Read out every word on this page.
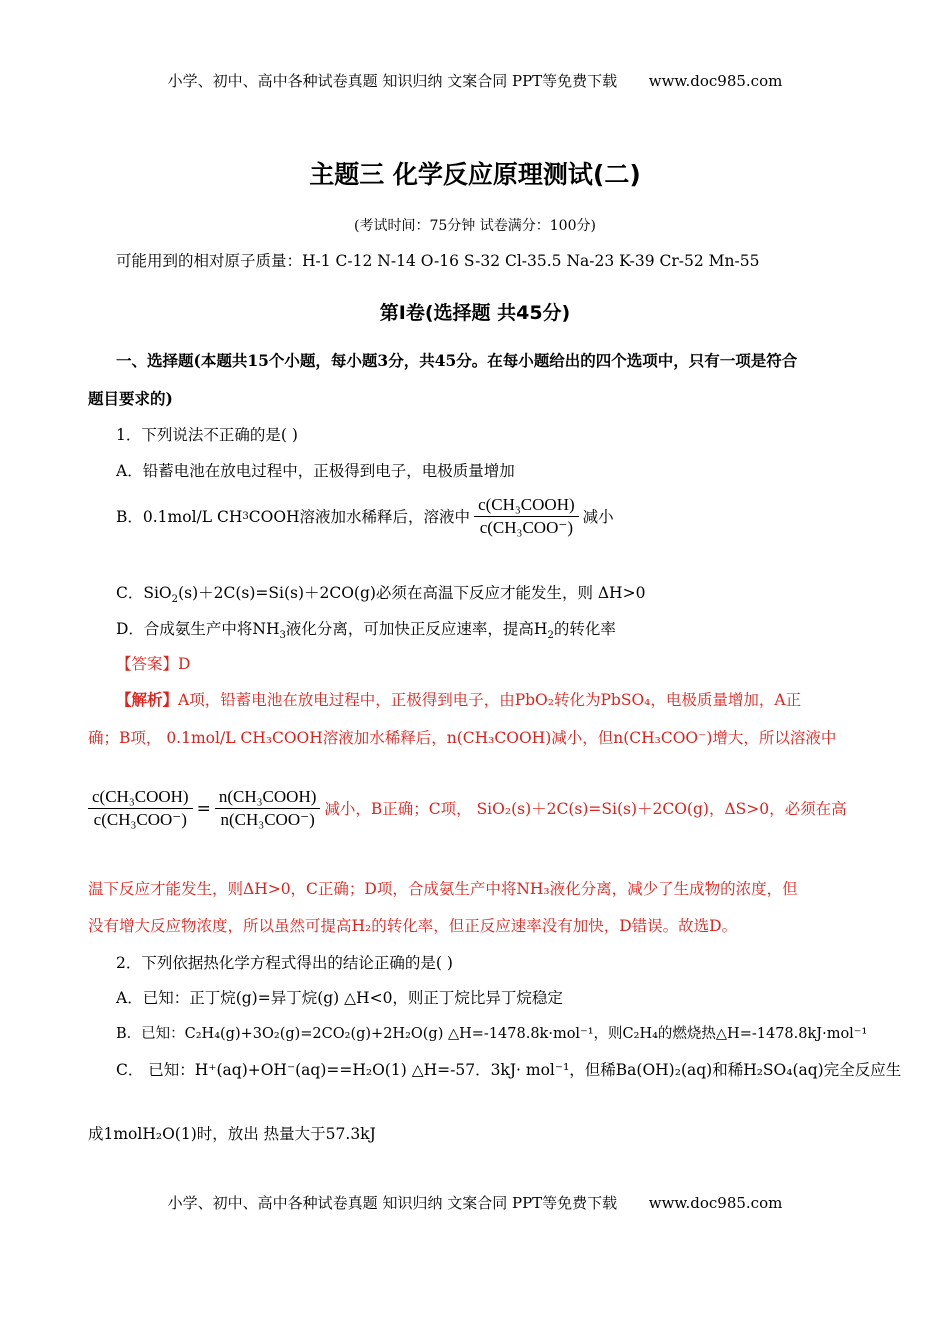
小学、初中、高中各种试卷真题 知识归纳 文案合同 PPT等免费下载 www.doc985.com
主题三 化学反应原理测试(二)
(考试时间：75分钟 试卷满分：100分)
可能用到的相对原子质量：H-1 C-12 N-14 O-16 S-32 Cl-35.5 Na-23 K-39 Cr-52 Mn-55
第Ⅰ卷(选择题 共45分)
一、选择题(本题共15个小题，每小题3分，共45分。在每小题给出的四个选项中，只有一项是符合
题目要求的)
1．下列说法不正确的是( )
A．铅蓄电池在放电过程中，正极得到电子，电极质量增加
B．0.1mol/L CH 3 COOH溶液加水稀释后，溶液中 $\frac{\text{c(CH₃COOH)}}{\text{c(CH₃COO⁻)}}$ 减小
C．SiO$_2$(s)＋2C(s)=Si(s)＋2CO(g)必须在高温下反应才能发生，则 ΔH>0
D．合成氨生产中将$NH_3$液化分离，可加快正反应速率，提高$H_2$的转化率
【答案】D
【解析】A项，铅蓄电池在放电过程中，正极得到电子，由PbO₂转化为PbSO₄，电极质量增加，A正
确；B项， 0.1mol/L CH₃COOH溶液加水稀释后，n(CH₃COOH)减小，但n(CH₃COO⁻)增大，所以溶液中
$\frac{\text{c(CH₃COOH)}}{\text{c(CH₃COO⁻)}} = \frac{\text{n(CH₃COOH)}}{\text{n(CH₃COO⁻)}}$ 减小，B正确；C项， SiO₂(s)＋2C(s)=Si(s)＋2CO(g)，ΔS>0，必须在高
温下反应才能发生，则ΔH>0，C正确；D项，合成氨生产中将NH₃液化分离，减少了生成物的浓度，但
没有增大反应物浓度，所以虽然可提高H₂的转化率，但正反应速率没有加快，D错误。故选D。
2．下列依据热化学方程式得出的结论正确的是( )
A．已知：正丁烷(g)=异丁烷(g) △H<0，则正丁烷比异丁烷稳定
B．已知：C₂H₄(g)+3O₂(g)=2CO₂(g)+2H₂O(g) △H=-1478.8k·mol⁻¹，则C₂H₄的燃烧热△H=-1478.8kJ·mol⁻¹
C． 已知：H⁺(aq)+OH⁻(aq)==H₂O(1) △H=-57．3kJ· mol⁻¹，但稀Ba(OH)₂(aq)和稀H₂SO₄(aq)完全反应生
成1molH₂O(1)时，放出 热量大于57.3kJ
小学、初中、高中各种试卷真题 知识归纳 文案合同 PPT等免费下载 www.doc985.com
